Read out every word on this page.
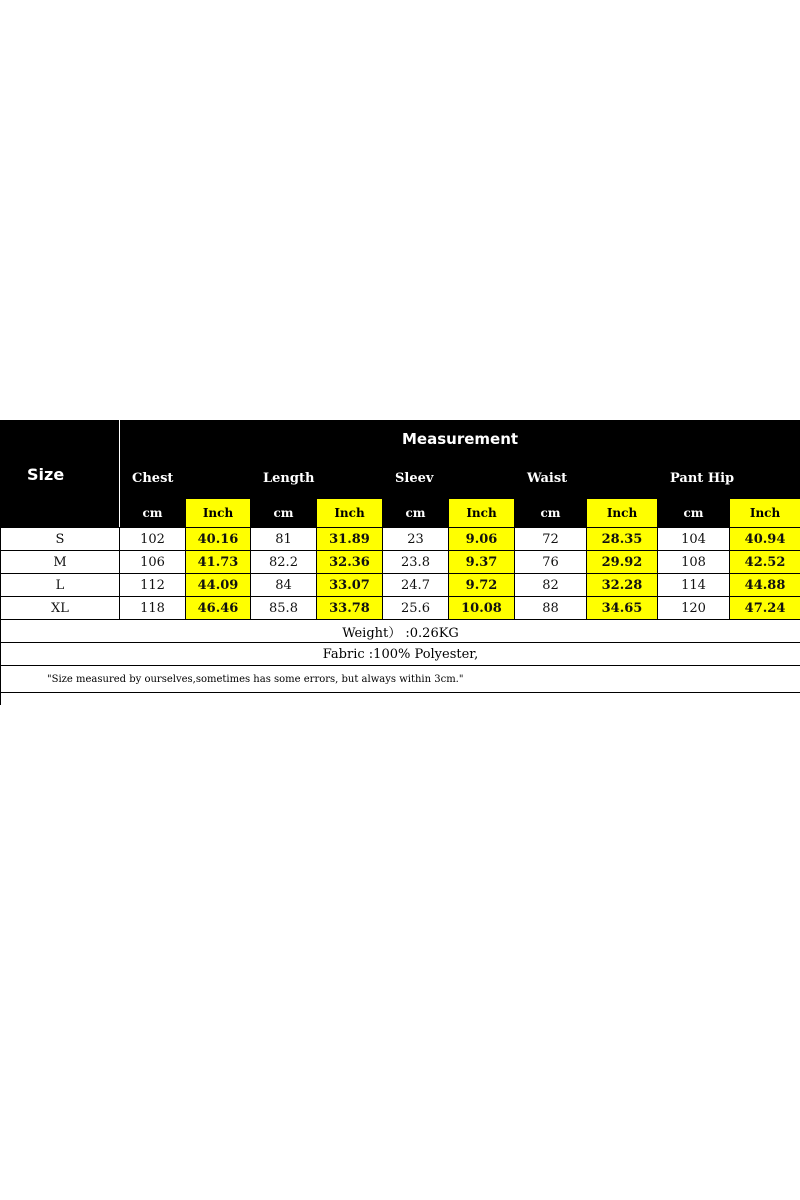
Size	Measurement									
	Chest		Length		Sleev		Waist		Pant Hip	
	cm	Inch	cm	Inch	cm	Inch	cm	Inch	cm	Inch
S	102	40.16	81	31.89	23	9.06	72	28.35	104	40.94
M	106	41.73	82.2	32.36	23.8	9.37	76	29.92	108	42.52
L	112	44.09	84	33.07	24.7	9.72	82	32.28	114	44.88
XL	118	46.46	85.8	33.78	25.6	10.08	88	34.65	120	47.24
Weight） :0.26KG										
Fabric :100% Polyester,										
"Size measured by ourselves,sometimes has some errors, but always within 3cm."										
